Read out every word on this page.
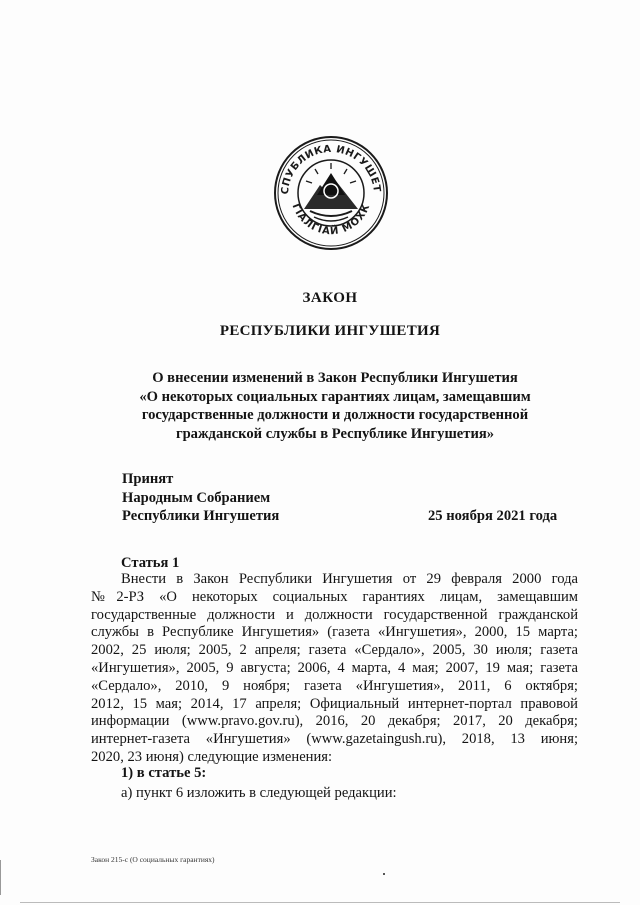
СПУБЛИКА ИНГУШЕТ
ГIАЛГIАЙ МОХК
ЗАКОН
РЕСПУБЛИКИ ИНГУШЕТИЯ
О внесении изменений в Закон Республики Ингушетия
«О некоторых социальных гарантиях лицам, замещавшим
государственные должности и должности государственной
гражданской службы в Республике Ингушетия»
Принят
Народным Собранием
Республики Ингушетия	25 ноября 2021 года
Статья 1
Внести в Закон Республики Ингушетия от 29 февраля 2000 года
№2-РЗ «О некоторых социальных гарантиях лицам, замещавшим
государственные должности и должности государственной гражданской
службы в Республике Ингушетия» (газета «Ингушетия», 2000, 15 марта;
2002, 25 июля; 2005, 2 апреля; газета «Сердало», 2005, 30 июля; газета
«Ингушетия», 2005, 9 августа; 2006, 4 марта, 4 мая; 2007, 19 мая; газета
«Сердало», 2010, 9 ноября; газета «Ингушетия», 2011, 6 октября;
2012, 15 мая; 2014, 17 апреля; Официальный интернет-портал правовой
информации (www.pravo.gov.ru), 2016, 20 декабря; 2017, 20 декабря;
интернет-газета «Ингушетия» (www.gazetaingush.ru), 2018, 13 июня;
2020, 23 июня) следующие изменения:
1) в статье 5:
а) пункт 6 изложить в следующей редакции:
Закон 215-с (О социальных гарантиях)
